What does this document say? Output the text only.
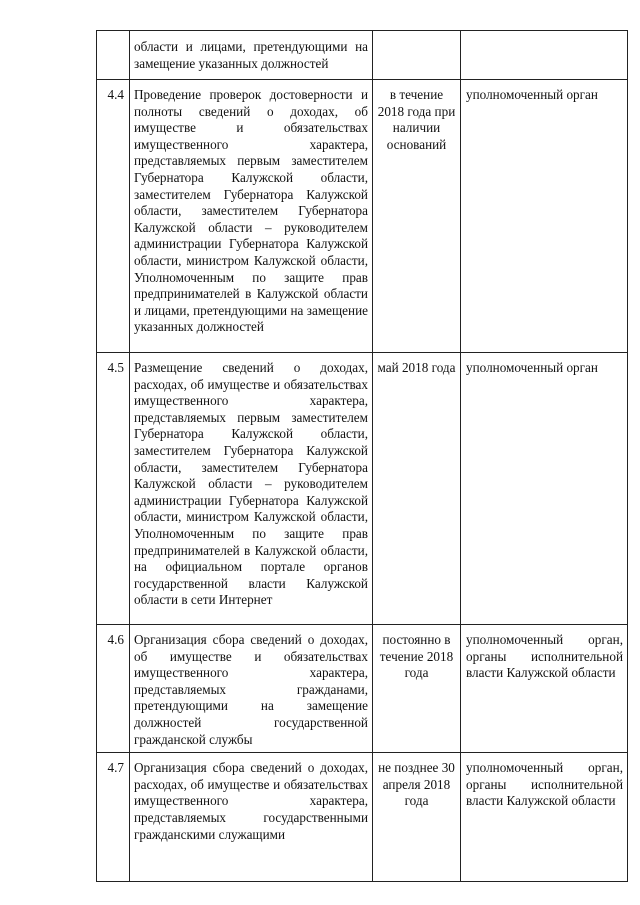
	области и лицами, претендующими на замещение указанных должностей		
4.4	Проведение проверок достоверности и полноты сведений о доходах, об имуществе и обязательствах имущественного характера, представляемых первым заместителем Губернатора Калужской области, заместителем Губернатора Калужской области, заместителем Губернатора Калужской области – руководителем администрации Губернатора Калужской области, министром Калужской области, Уполномоченным по защите прав предпринимателей в Калужской области и лицами, претендующими на замещение указанных должностей	в течение 2018 года при наличии оснований	уполномоченный орган
4.5	Размещение сведений о доходах, расходах, об имуществе и обязательствах имущественного характера, представляемых первым заместителем Губернатора Калужской области, заместителем Губернатора Калужской области, заместителем Губернатора Калужской области – руководителем администрации Губернатора Калужской области, министром Калужской области, Уполномоченным по защите прав предпринимателей в Калужской области, на официальном портале органов государственной власти Калужской области в сети Интернет	май 2018 года	уполномоченный орган
4.6	Организация сбора сведений о доходах, об имуществе и обязательствах имущественного характера, представляемых гражданами, претендующими на замещение должностей государственной гражданской службы	постоянно в течение 2018 года	уполномоченный орган, органы исполнительной власти Калужской области
4.7	Организация сбора сведений о доходах, расходах, об имуществе и обязательствах имущественного характера, представляемых государственными гражданскими служащими	не позднее 30 апреля 2018 года	уполномоченный орган, органы исполнительной власти Калужской области
